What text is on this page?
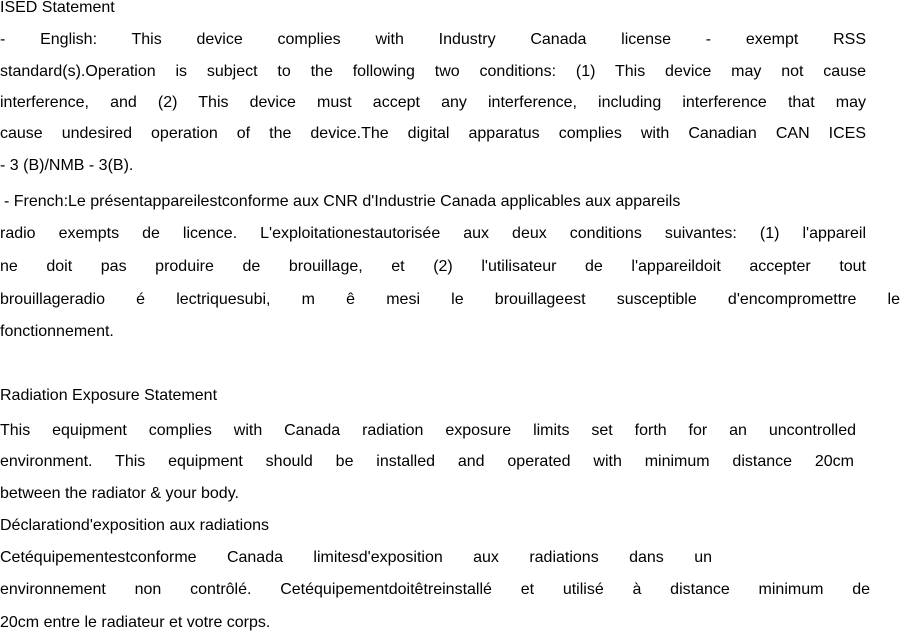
ISED Statement
- English: This device complies with Industry Canada license - exempt RSS
standard(s).Operation is subject to the following two conditions: (1) This device may not cause
interference, and (2) This device must accept any interference, including interference that may
cause undesired operation of the device.The digital apparatus complies with Canadian CAN ICES
- 3 (B)/NMB - 3(B).
- French:Le présentappareilestconforme aux CNR d'Industrie Canada applicables aux appareils
radio exempts de licence. L'exploitationestautorisée aux deux conditions suivantes: (1) l'appareil
ne doit pas produire de brouillage, et (2) l'utilisateur de l'appareildoit accepter tout
brouillageradio é lectriquesubi, m ê mesi le brouillageest susceptible d'encompromettre le
fonctionnement.
Radiation Exposure Statement
This equipment complies with Canada radiation exposure limits set forth for an uncontrolled
environment. This equipment should be installed and operated with minimum distance 20cm
between the radiator & your body.
Déclarationd'exposition aux radiations
Cetéquipementestconforme Canada limitesd'exposition aux radiations dans un
environnement non contrôlé. Cetéquipementdoitêtreinstallé et utilisé à distance minimum de
20cm entre le radiateur et votre corps.
